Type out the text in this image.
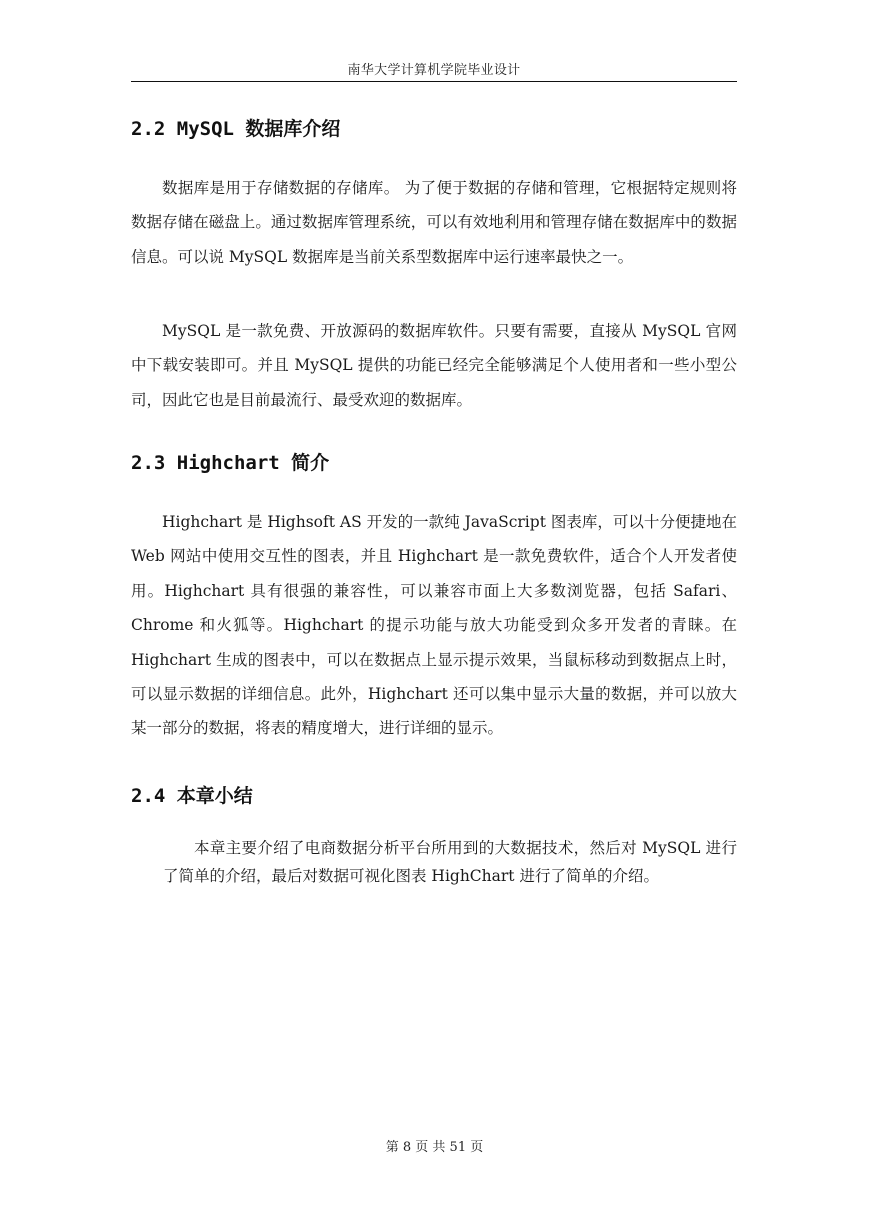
南华大学计算机学院毕业设计
2.2 MySQL 数据库介绍

数据库是用于存储数据的存储库。 为了便于数据的存储和管理，它根据特定规则将数据存储在磁盘上。通过数据库管理系统，可以有效地利用和管理存储在数据库中的数据信息。可以说 MySQL 数据库是当前关系型数据库中运行速率最快之一。

MySQL 是一款免费、开放源码的数据库软件。只要有需要，直接从 MySQL 官网中下载安装即可。并且 MySQL 提供的功能已经完全能够满足个人使用者和一些小型公司，因此它也是目前最流行、最受欢迎的数据库。

2.3 Highchart 简介

Highchart 是 Highsoft AS 开发的一款纯 JavaScript 图表库，可以十分便捷地在 Web 网站中使用交互性的图表，并且 Highchart 是一款免费软件，适合个人开发者使用。Highchart 具有很强的兼容性，可以兼容市面上大多数浏览器，包括 Safari、Chrome 和火狐等。Highchart 的提示功能与放大功能受到众多开发者的青睐。在 Highchart 生成的图表中，可以在数据点上显示提示效果，当鼠标移动到数据点上时，可以显示数据的详细信息。此外，Highchart 还可以集中显示大量的数据，并可以放大某一部分的数据，将表的精度增大，进行详细的显示。

2.4 本章小结

本章主要介绍了电商数据分析平台所用到的大数据技术，然后对 MySQL 进行了简单的介绍，最后对数据可视化图表 HighChart 进行了简单的介绍。

第 8 页 共 51 页
